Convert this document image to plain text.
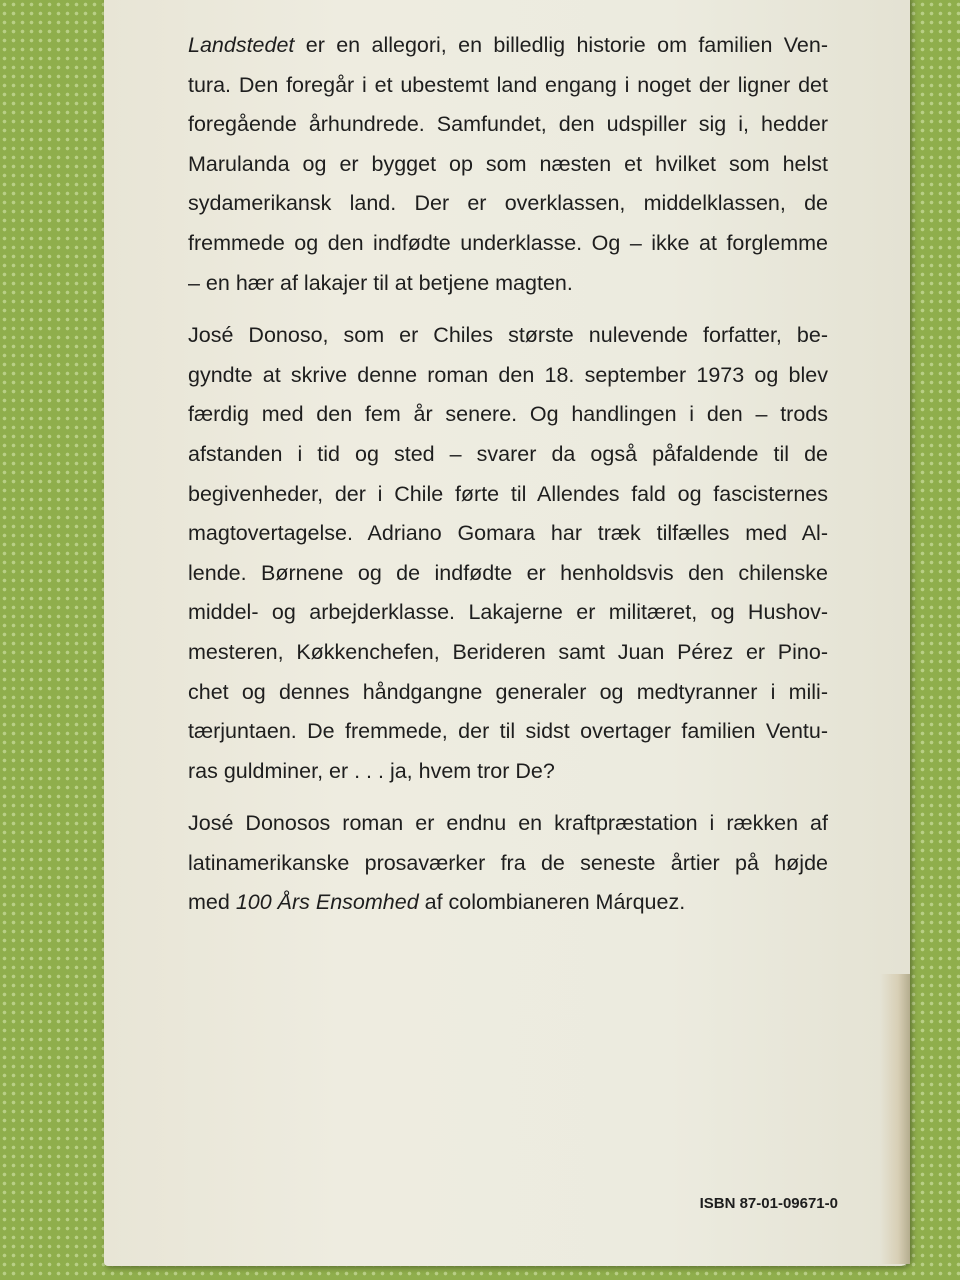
Landstedet er en allegori, en billedlig historie om familien Ven-
tura. Den foregår i et ubestemt land engang i noget der ligner det
foregående århundrede. Samfundet, den udspiller sig i, hedder
Marulanda og er bygget op som næsten et hvilket som helst
sydamerikansk land. Der er overklassen, middelklassen, de
fremmede og den indfødte underklasse. Og – ikke at forglemme
– en hær af lakajer til at betjene magten.
José Donoso, som er Chiles største nulevende forfatter, be-
gyndte at skrive denne roman den 18. september 1973 og blev
færdig med den fem år senere. Og handlingen i den – trods
afstanden i tid og sted – svarer da også påfaldende til de
begivenheder, der i Chile førte til Allendes fald og fascisternes
magtovertagelse. Adriano Gomara har træk tilfælles med Al-
lende. Børnene og de indfødte er henholdsvis den chilenske
middel- og arbejderklasse. Lakajerne er militæret, og Hushov-
mesteren, Køkkenchefen, Berideren samt Juan Pérez er Pino-
chet og dennes håndgangne generaler og medtyranner i mili-
tærjuntaen. De fremmede, der til sidst overtager familien Ventu-
ras guldminer, er . . . ja, hvem tror De?
José Donosos roman er endnu en kraftpræstation i rækken af
latinamerikanske prosaværker fra de seneste årtier på højde
med 100 Års Ensomhed af colombianeren Márquez.
ISBN 87-01-09671-0
